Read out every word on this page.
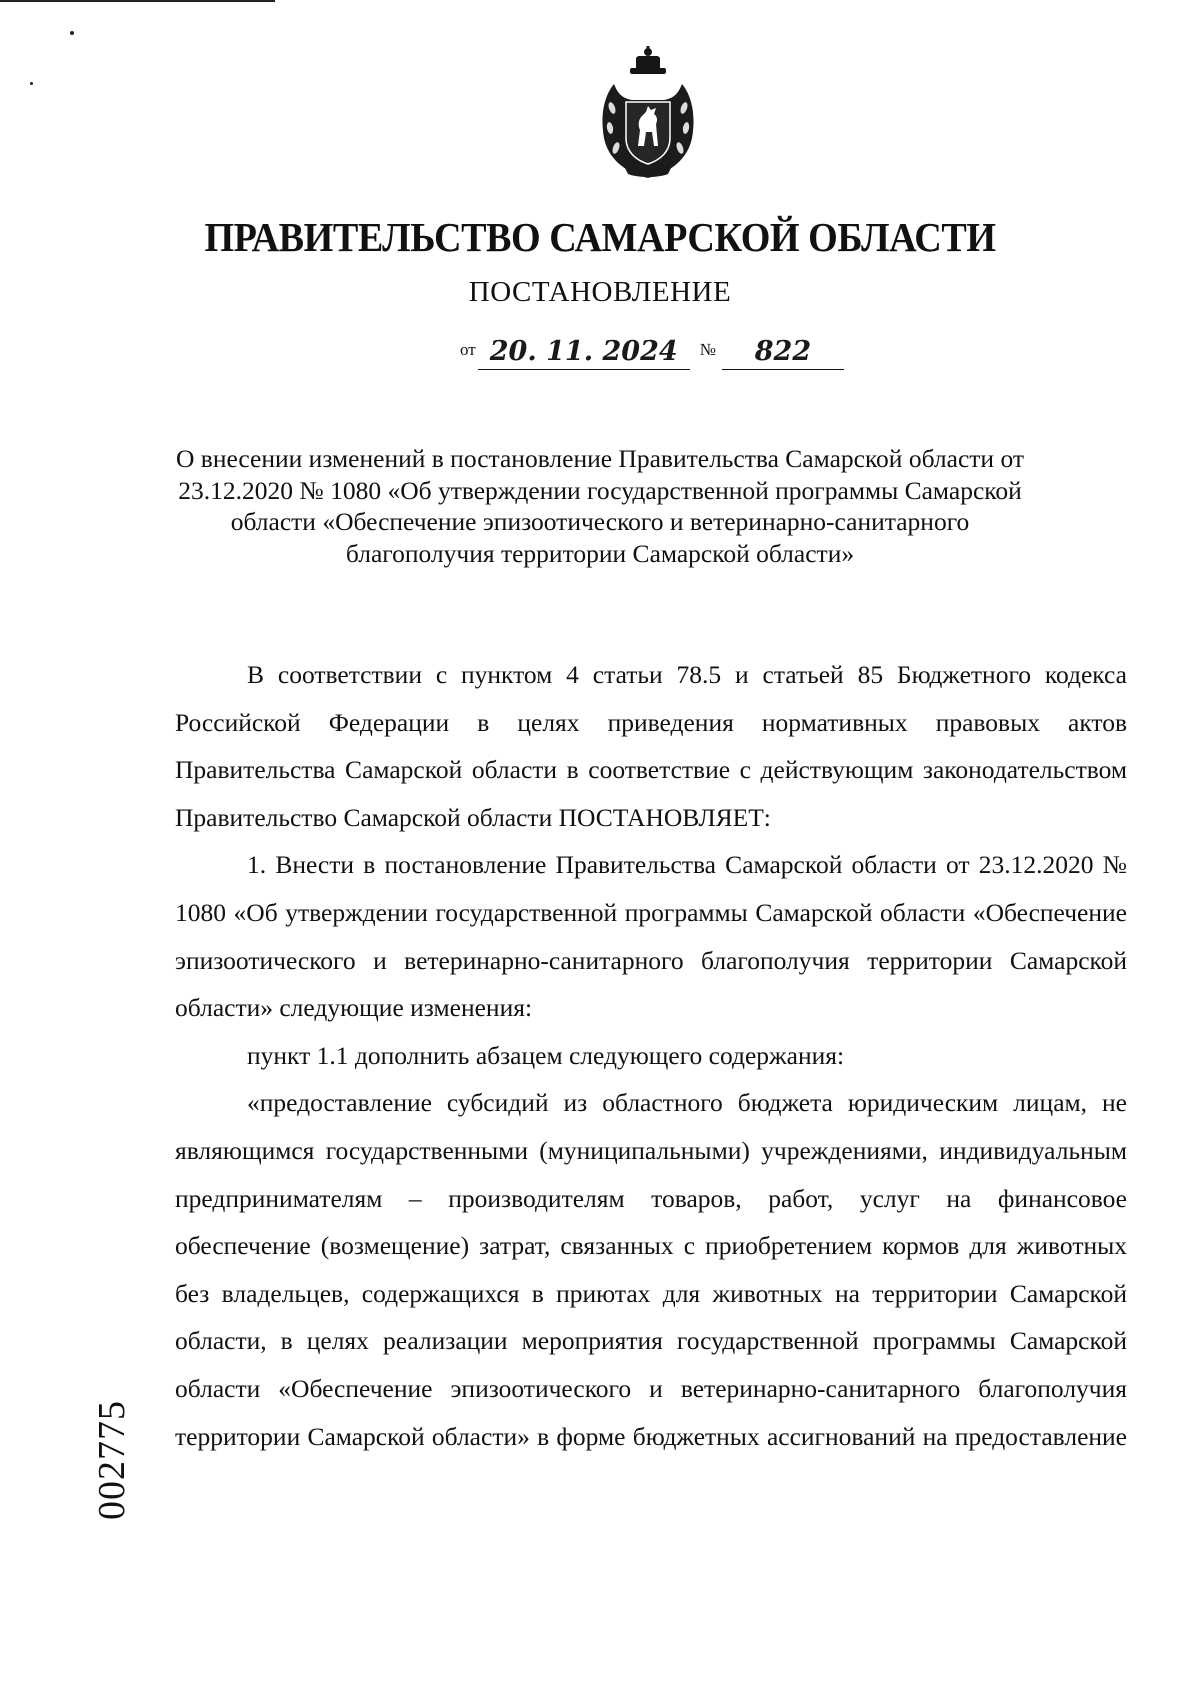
ПРАВИТЕЛЬСТВО САМАРСКОЙ ОБЛАСТИ
ПОСТАНОВЛЕНИЕ
от 20. 11. 2024 № 822
О внесении изменений в постановление Правительства Самарской области от 23.12.2020 № 1080 «Об утверждении государственной программы Самарской области «Обеспечение эпизоотического и ветеринарно-санитарного благополучия территории Самарской области»

В соответствии с пунктом 4 статьи 78.5 и статьей 85 Бюджетного кодекса Российской Федерации в целях приведения нормативных правовых актов Правительства Самарской области в соответствие с действующим законодательством Правительство Самарской области ПОСТАНОВЛЯЕТ:

1. Внести в постановление Правительства Самарской области от 23.12.2020 № 1080 «Об утверждении государственной программы Самарской области «Обеспечение эпизоотического и ветеринарно-санитарного благополучия территории Самарской области» следующие изменения:

пункт 1.1 дополнить абзацем следующего содержания:

«предоставление субсидий из областного бюджета юридическим лицам, не являющимся государственными (муниципальными) учреждениями, индивидуальным предпринимателям – производителям товаров, работ, услуг на финансовое обеспечение (возмещение) затрат, связанных с приобретением кормов для животных без владельцев, содержащихся в приютах для животных на территории Самарской области, в целях реализации мероприятия государственной программы Самарской области «Обеспечение эпизоотического и ветеринарно-санитарного благополучия территории Самарской области» в форме бюджетных ассигнований на предоставление

002775
